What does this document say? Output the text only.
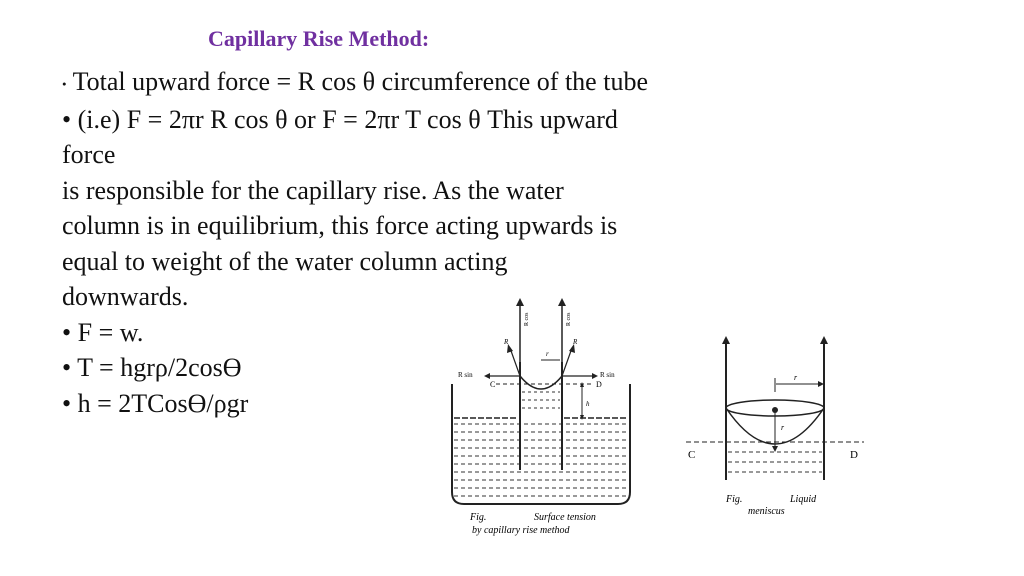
Capillary Rise Method:
• Total upward force = R cos θ circumference of the tube
• (i.e) F = 2πr R cos θ or F = 2πr T cos θ This upward
force
is responsible for the capillary rise. As the water
column is in equilibrium, this force acting upwards is
equal to weight of the water column acting
downwards.
• F = w.
• T = hgrρ/2cosϴ
• h = 2TCosϴ/ρgr
C	D
R cos	R cos
R sin	R sin
R	R
r
h
Fig.	Surface tension
by capillary rise method
r
r
C	D
Fig.	Liquid
meniscus
